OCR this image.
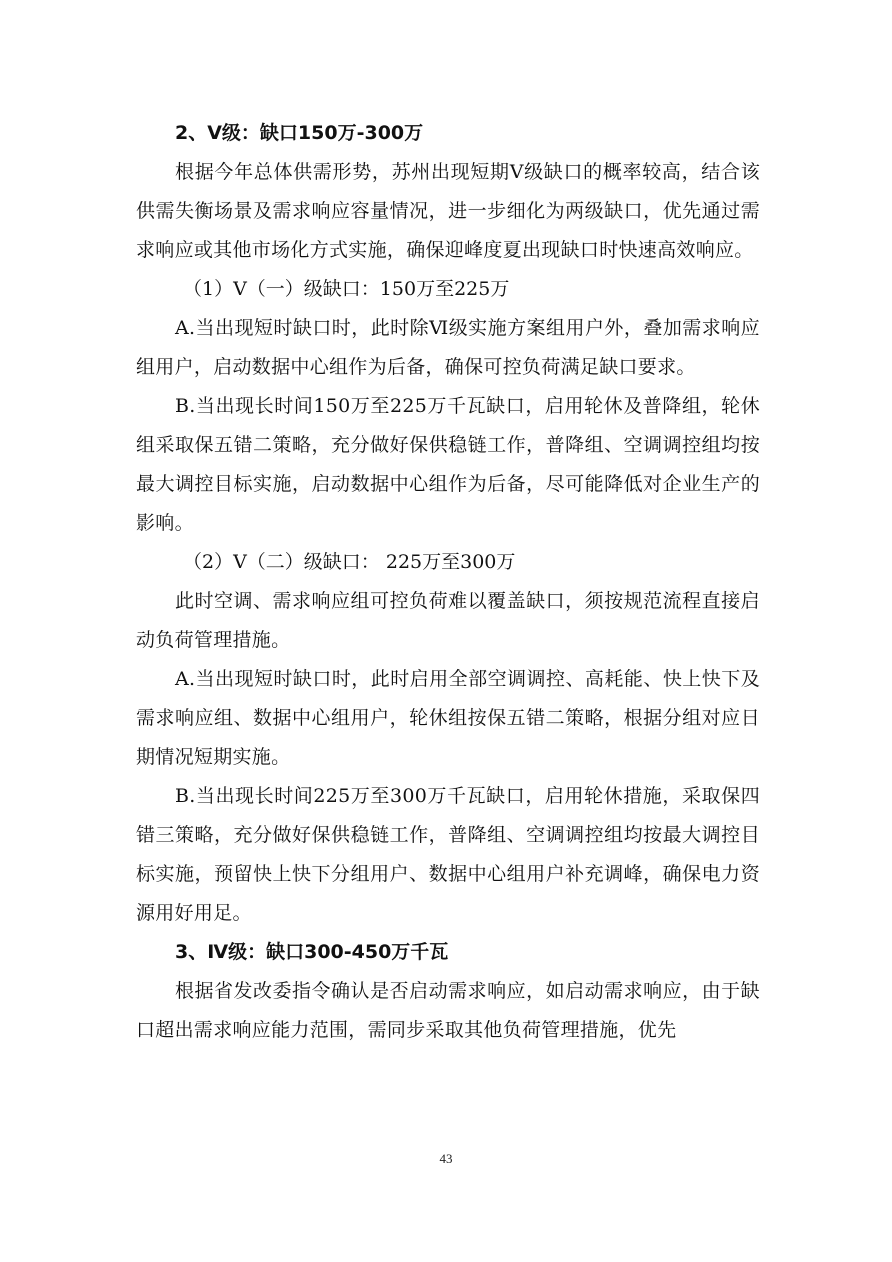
2、Ⅴ级：缺口150万-300万

根据今年总体供需形势，苏州出现短期Ⅴ级缺口的概率较高，结合该供需失衡场景及需求响应容量情况，进一步细化为两级缺口，优先通过需求响应或其他市场化方式实施，确保迎峰度夏出现缺口时快速高效响应。

（1）Ⅴ（一）级缺口：150万至225万

A.当出现短时缺口时，此时除Ⅵ级实施方案组用户外，叠加需求响应组用户，启动数据中心组作为后备，确保可控负荷满足缺口要求。

B.当出现长时间150万至225万千瓦缺口，启用轮休及普降组，轮休组采取保五错二策略，充分做好保供稳链工作，普降组、空调调控组均按最大调控目标实施，启动数据中心组作为后备，尽可能降低对企业生产的影响。

（2）Ⅴ（二）级缺口： 225万至300万

此时空调、需求响应组可控负荷难以覆盖缺口，须按规范流程直接启动负荷管理措施。

A.当出现短时缺口时，此时启用全部空调调控、高耗能、快上快下及需求响应组、数据中心组用户，轮休组按保五错二策略，根据分组对应日期情况短期实施。

B.当出现长时间225万至300万千瓦缺口，启用轮休措施，采取保四错三策略，充分做好保供稳链工作，普降组、空调调控组均按最大调控目标实施，预留快上快下分组用户、数据中心组用户补充调峰，确保电力资源用好用足。

3、Ⅳ级：缺口300-450万千瓦

根据省发改委指令确认是否启动需求响应，如启动需求响应，由于缺口超出需求响应能力范围，需同步采取其他负荷管理措施，优先

43
